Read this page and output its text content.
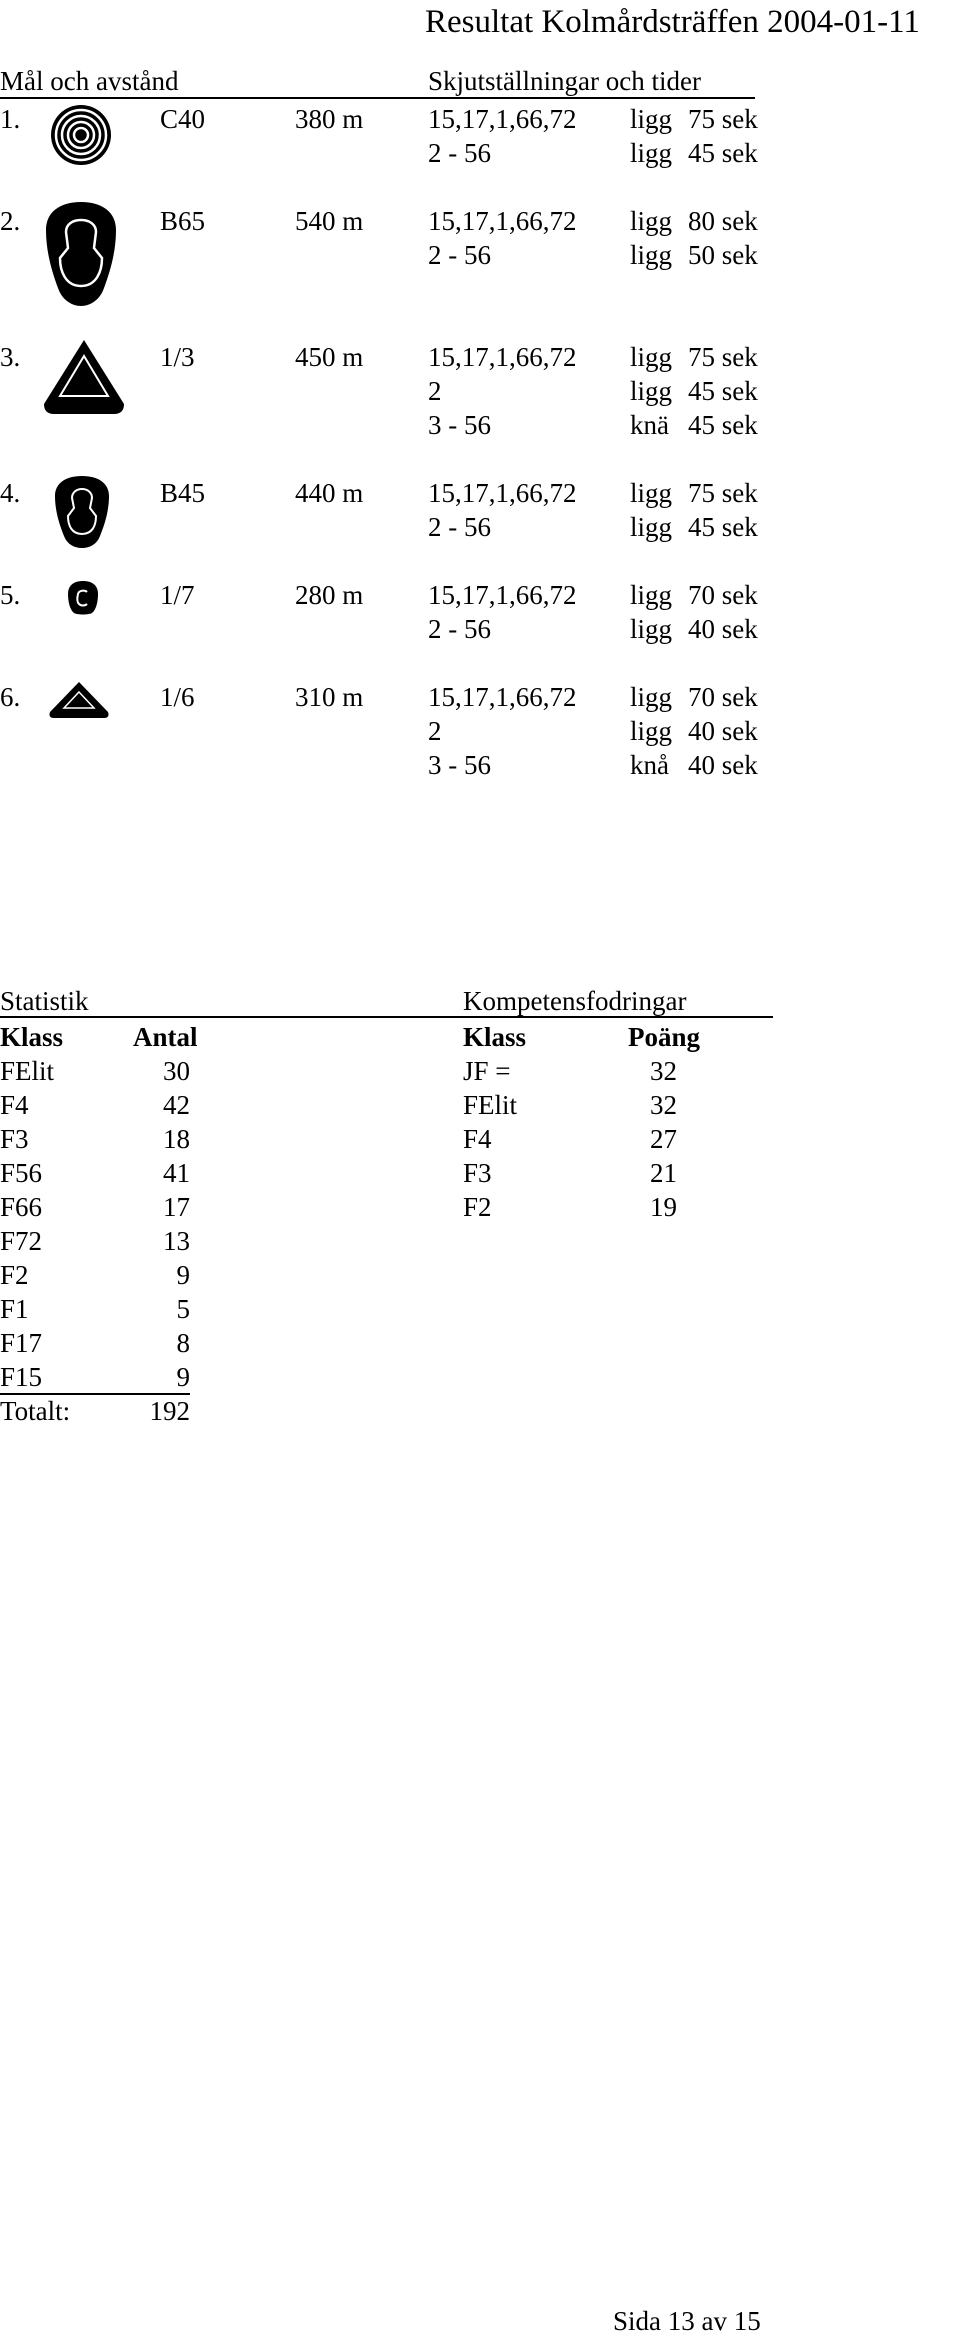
Resultat Kolmårdsträffen 2004-01-11
Mål och avstånd	Skjutställningar och tider
1.	C40	380 m 15,17,1,66,72 ligg 75 sek
2 - 56	ligg 45 sek
2.	B65	540 m 15,17,1,66,72 ligg 80 sek
2 - 56	ligg 50 sek
3.	1/3	450 m 15,17,1,66,72 ligg 75 sek
2	ligg 45 sek
3 - 56	knä 45 sek
4.	B45	440 m 15,17,1,66,72 ligg 75 sek
2 - 56	ligg 45 sek
5.	1/7	280 m 15,17,1,66,72 ligg 70 sek
2 - 56	ligg 40 sek
6.	1/6	310 m 15,17,1,66,72 ligg 70 sek
2	ligg 40 sek
3 - 56	knå 40 sek
Statistik	Kompetensfodringar
Klass	Antal	Klass	Poäng
FElit	30
F4	42
F3	18
F56	41
F66	17
F72	13
F2	9
F1	5
F17	8
F15	9
Totalt:	192
JF =	32
FElit	32
F4	27
F3	21
F2	19
Sida 13 av 15
